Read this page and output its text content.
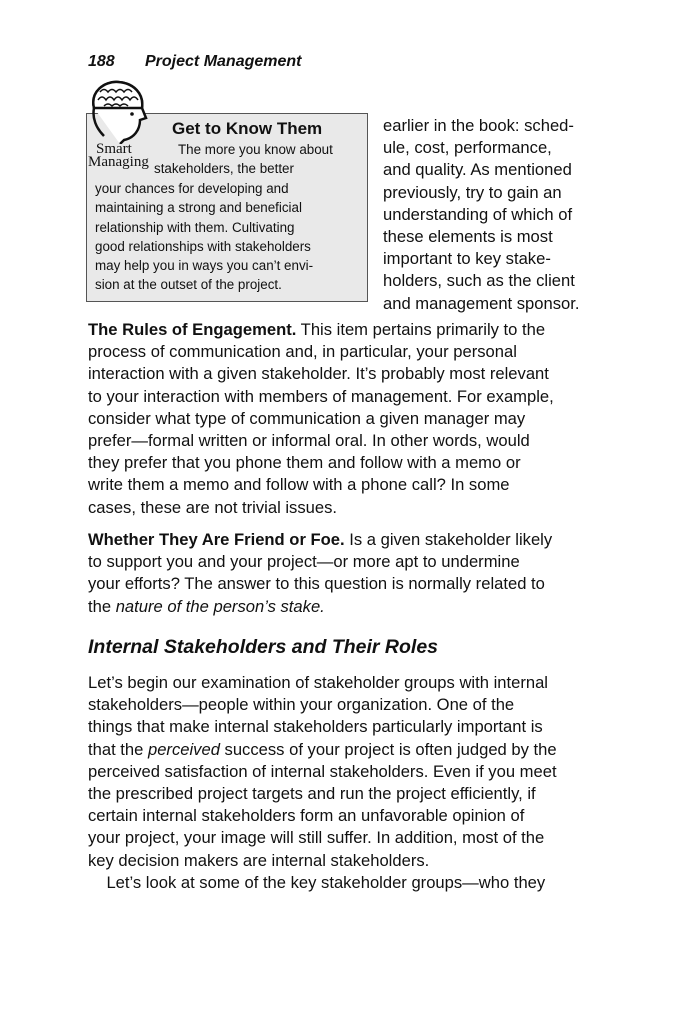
188 Project Management
Smart
Managing
Get to Know Them
The more you know about
stakeholders, the better
your chances for developing and
maintaining a strong and beneficial
relationship with them. Cultivating
good relationships with stakeholders
may help you in ways you can’t envi-
sion at the outset of the project.
earlier in the book: sched-
ule, cost, performance,
and quality. As mentioned
previously, try to gain an
understanding of which of
these elements is most
important to key stake-
holders, such as the client
and management sponsor.
The Rules of Engagement. This item pertains primarily to the
process of communication and, in particular, your personal
interaction with a given stakeholder. It’s probably most relevant
to your interaction with members of management. For example,
consider what type of communication a given manager may
prefer—formal written or informal oral. In other words, would
they prefer that you phone them and follow with a memo or
write them a memo and follow with a phone call? In some
cases, these are not trivial issues.
Whether They Are Friend or Foe. Is a given stakeholder likely
to support you and your project—or more apt to undermine
your efforts? The answer to this question is normally related to
the nature of the person’s stake.
Let’s begin our examination of stakeholder groups with internal
stakeholders—people within your organization. One of the
things that make internal stakeholders particularly important is
that the perceived success of your project is often judged by the
perceived satisfaction of internal stakeholders. Even if you meet
the prescribed project targets and run the project efficiently, if
certain internal stakeholders form an unfavorable opinion of
your project, your image will still suffer. In addition, most of the
key decision makers are internal stakeholders.
Let’s look at some of the key stakeholder groups—who they
Internal Stakeholders and Their Roles
